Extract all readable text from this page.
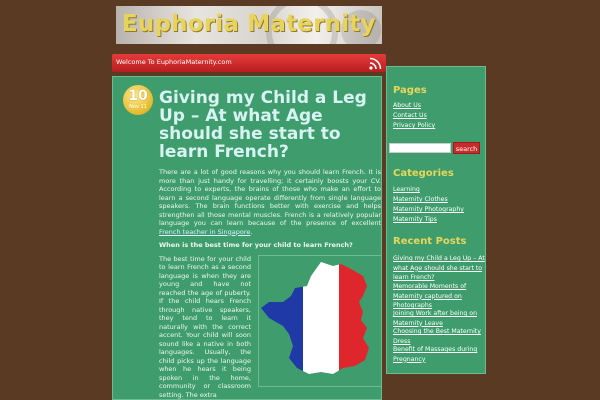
Euphoria Maternity
Welcome To EuphoriaMaternity.com
10
Nov 11 Giving my Child a Leg Up – At what Age should she start to learn French?

There are a lot of good reasons why you should learn French. It is more than just handy for travelling; it certainly boosts your CV. According to experts, the brains of those who make an effort to learn a second language operate differently from single language speakers. The brain functions better with exercise and helps strengthen all those mental muscles. French is a relatively popular language you can learn because of the presence of excellent French teacher in Singapore.

When is the best time for your child to learn French?

The best time for your child to learn French as a second language is when they are young and have not reached the age of puberty. If the child hears French through native speakers, they tend to learn it naturally with the correct accent. Your child will soon sound like a native in both languages. Usually, the child picks up the language when he hears it being spoken in the home, community or classroom setting. The extra
Pages
About Us
Contact Us
Privacy Policy
search
Categories
Learning
Maternity Clothes
Maternity Photography
Maternity Tips
Recent Posts
Giving my Child a Leg Up – At what Age should she start to learn French?
Memorable Moments of Maternity captured on Photographs
Joining Work after being on Maternity Leave
Choosing the Best Maternity Dress
Benefit of Massages during Pregnancy
